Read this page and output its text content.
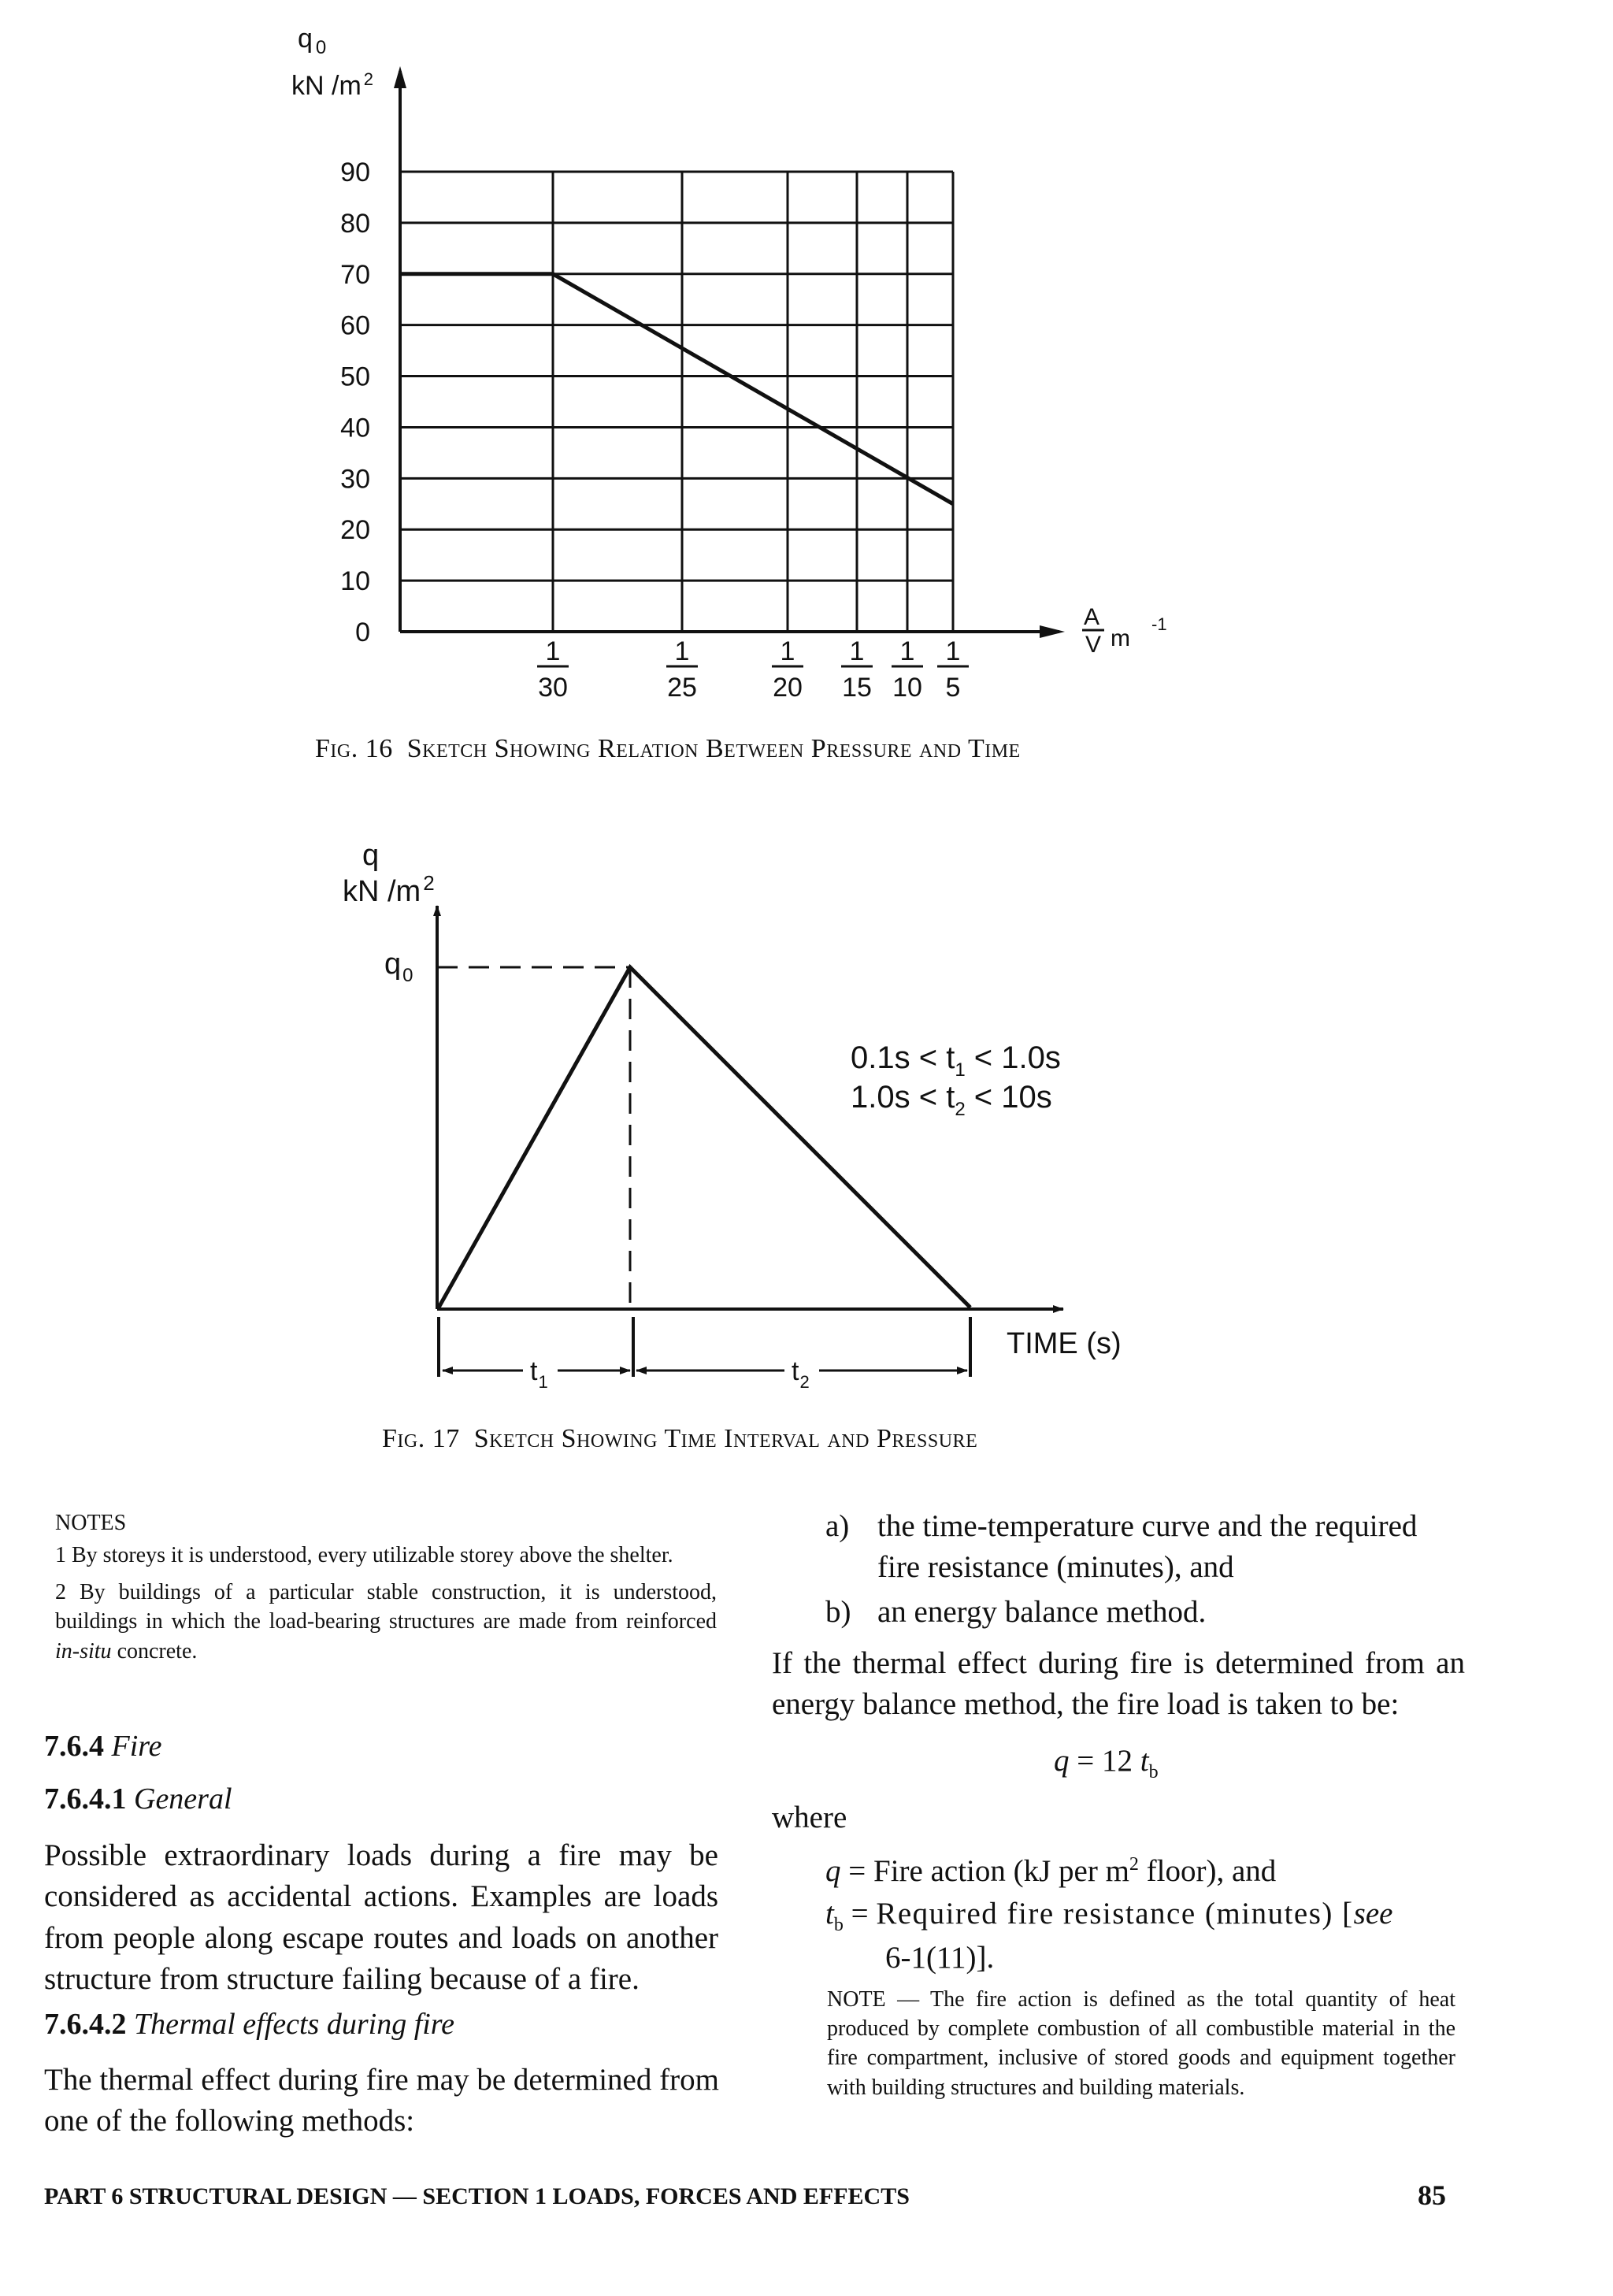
0
10
20
30
40
50
60
70
80
90
1
30
1
25
1
20
1
15
1
10
1
5
q $_0$
kN /m $^2$
A
V m
-1
Fig. 16 Sketch Showing Relation Between Pressure and Time
$t_1$	$t_2$
q
kN /m $^2$
$q_0$
$0.1s < t_1 < 1.0s$
$1.0s < t_2 < 10s$
TIME (s)
Fig. 17 Sketch Showing Time Interval and Pressure
NOTES
1 By storeys it is understood, every utilizable storey above the shelter.
2 By buildings of a particular stable construction, it is understood, buildings in which the load-bearing structures are made from reinforced in-situ concrete.
7.6.4 Fire
7.6.4.1 General
Possible extraordinary loads during a fire may be considered as accidental actions. Examples are loads from people along escape routes and loads on another structure from structure failing because of a fire.
7.6.4.2 Thermal effects during fire
The thermal effect during fire may be determined from one of the following methods:
a) the time-temperature curve and the required fire resistance (minutes), and
b) an energy balance method.
If the thermal effect during fire is determined from an energy balance method, the fire load is taken to be:
q = 12 $t_b$
where
q = Fire action (kJ per $m^2$ floor), and
$t_b$ = Required fire resistance (minutes) [see
6-1(11)].
NOTE — The fire action is defined as the total quantity of heat produced by complete combustion of all combustible material in the fire compartment, inclusive of stored goods and equipment together with building structures and building materials.
PART 6 STRUCTURAL DESIGN — SECTION 1 LOADS, FORCES AND EFFECTS	85
